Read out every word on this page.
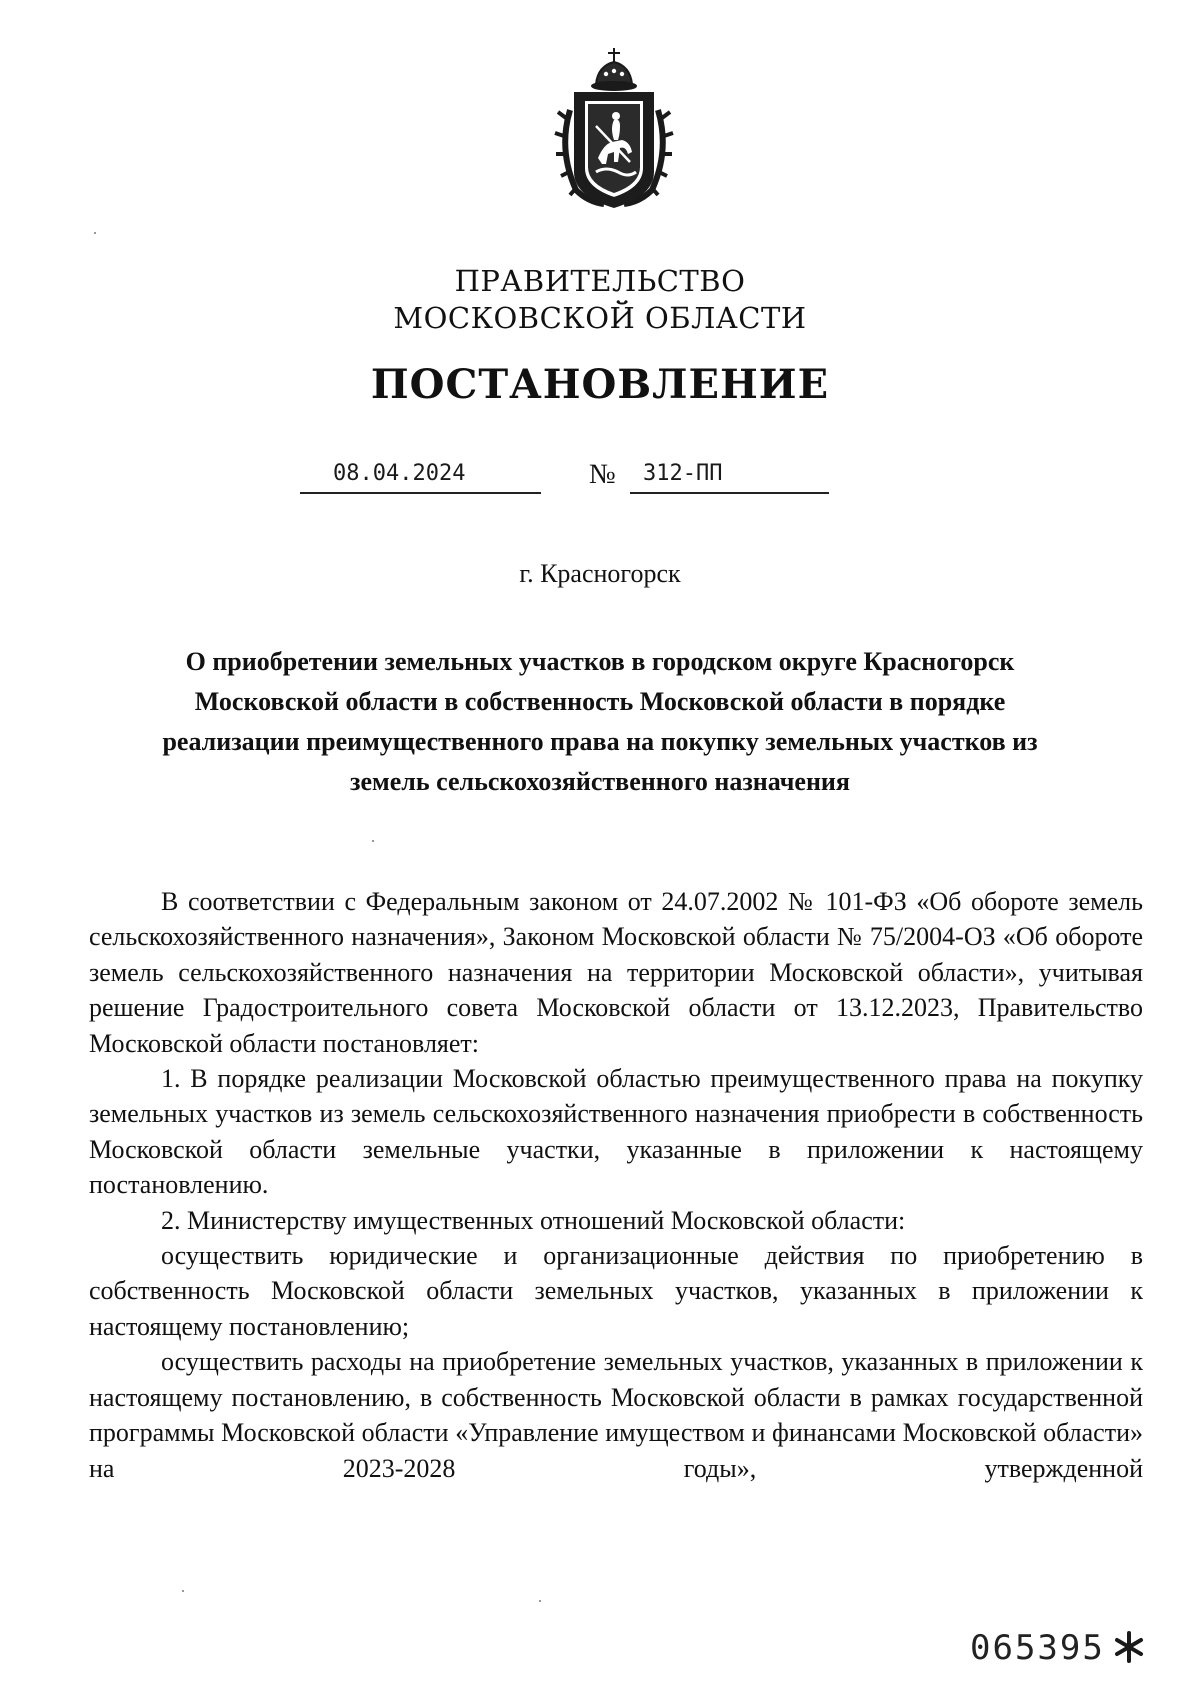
ПРАВИТЕЛЬСТВО
МОСКОВСКОЙ ОБЛАСТИ
ПОСТАНОВЛЕНИЕ
08.04.2024	№ 312-ПП
г. Красногорск
О приобретении земельных участков в городском округе Красногорск
Московской области в собственность Московской области в порядке
реализации преимущественного права на покупку земельных участков из
земель сельскохозяйственного назначения

В соответствии с Федеральным законом от 24.07.2002 № 101-ФЗ «Об обороте земель сельскохозяйственного назначения», Законом Московской области № 75/2004-ОЗ «Об обороте земель сельскохозяйственного назначения на территории Московской области», учитывая решение Градостроительного совета Московской области от 13.12.2023, Правительство Московской области постановляет:

1. В порядке реализации Московской областью преимущественного права на покупку земельных участков из земель сельскохозяйственного назначения приобрести в собственность Московской области земельные участки, указанные в приложении к настоящему постановлению.

2. Министерству имущественных отношений Московской области:

осуществить юридические и организационные действия по приобретению в собственность Московской области земельных участков, указанных в приложении к настоящему постановлению;

осуществить расходы на приобретение земельных участков, указанных в приложении к настоящему постановлению, в собственность Московской области в рамках государственной программы Московской области «Управление имуществом и финансами Московской области» на 2023-2028 годы», утвержденной

065395
